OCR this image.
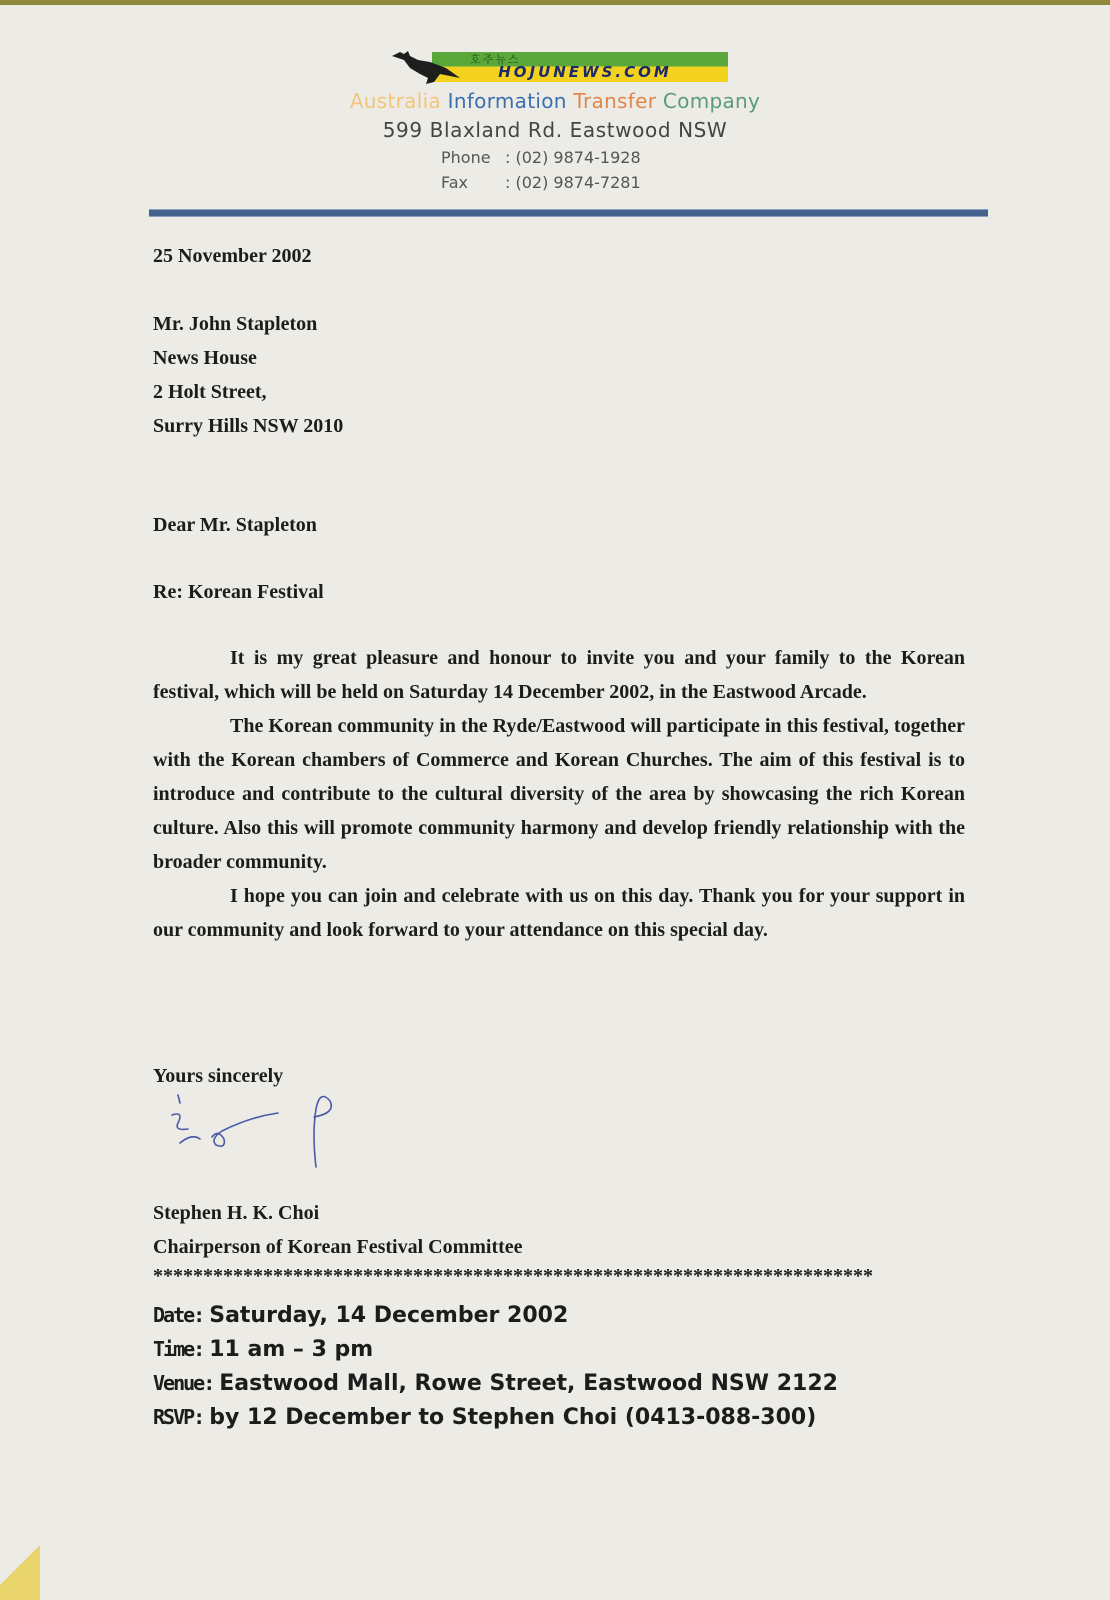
호주뉴스
HOJUNEWS.COM
Australia Information Transfer Company
599 Blaxland Rd. Eastwood NSW
Phone : (02) 9874-1928
Fax : (02) 9874-7281
25 November 2002
Mr. John Stapleton
News House
2 Holt Street,
Surry Hills NSW 2010
Dear Mr. Stapleton
Re: Korean Festival

It is my great pleasure and honour to invite you and your family to the Korean festival, which will be held on Saturday 14 December 2002, in the Eastwood Arcade.

The Korean community in the Ryde/Eastwood will participate in this festival, together with the Korean chambers of Commerce and Korean Churches. The aim of this festival is to introduce and contribute to the cultural diversity of the area by showcasing the rich Korean culture. Also this will promote community harmony and develop friendly relationship with the broader community.

I hope you can join and celebrate with us on this day. Thank you for your support in our community and look forward to your attendance on this special day.

Yours sincerely
Stephen H. K. Choi
Chairperson of Korean Festival Committee
************************************************************************
Date: Saturday, 14 December 2002
Time: 11 am – 3 pm
Venue: Eastwood Mall, Rowe Street, Eastwood NSW 2122
RSVP: by 12 December to Stephen Choi (0413-088-300)
